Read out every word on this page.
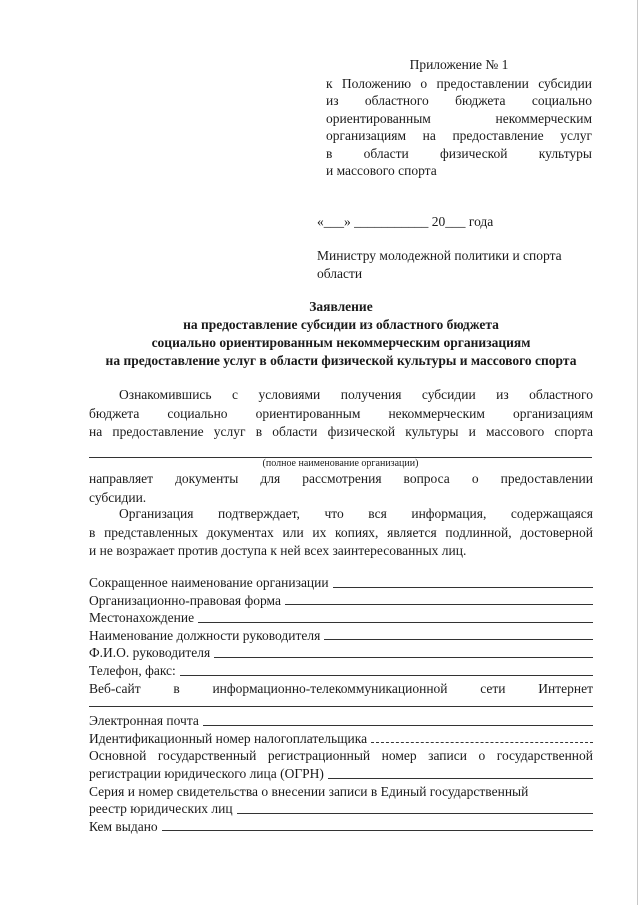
Приложение № 1
к Положению о предоставлении субсидии
из областного бюджета социально
ориентированным некоммерческим
организациям на предоставление услуг
в области физической культуры
и массового спорта
«___» ___________ 20___ года
Министру молодежной политики и спорта
области
Заявление
на предоставление субсидии из областного бюджета
социально ориентированным некоммерческим организациям
на предоставление услуг в области физической культуры и массового спорта
Ознакомившись с условиями получения субсидии из областного
бюджета социально ориентированным некоммерческим организациям
на предоставление услуг в области физической культуры и массового спорта
(полное наименование организации)
направляет документы для рассмотрения вопроса о предоставлении
субсидии.
Организация подтверждает, что вся информация, содержащаяся
в представленных документах или их копиях, является подлинной, достоверной
и не возражает против доступа к ней всех заинтересованных лиц.
Сокращенное наименование организации
Организационно-правовая форма
Местонахождение
Наименование должности руководителя
Ф.И.О. руководителя
Телефон, факс:
Веб-сайт в информационно-телекоммуникационной сети Интернет
Электронная почта
Идентификационный номер налогоплательщика
Основной государственный регистрационный номер записи о государственной
регистрации юридического лица (ОГРН)
Серия и номер свидетельства о внесении записи в Единый государственный
реестр юридических лиц
Кем выдано
